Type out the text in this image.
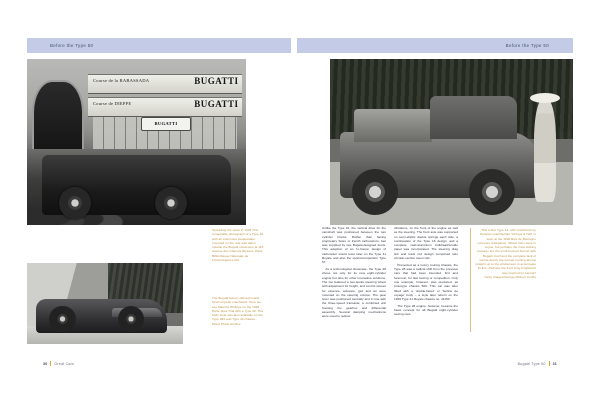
Before the Type 50	Before the Type 50
Course de la RABASSADA	BUGATTI
Course de DIEPPE	BUGATTI
BUGATTI
Spreading the news in 1925 This remarkable photograph of a Type 30 with an enormous loudspeaker mounted on the rear was taken outside the Bugatti showroom at 115 Avenue des Champs-Élysées, Paris.
Bibliothèque Nationale de France/Agence Rol
The Bugatti factory offered Grand Sport torpedo coachwork. Here we see Maurice Philippe on the 1925 Paris–Nice Trial with a Type 40. This body style was also available on the Type 38A and Type 43 chassis.
Motor Photo Archive
This 2-litre Type 44, with coachwork by Parisian coachbuilder Vizcaya & Half, is seen at the 1930 Bois de Boulogne concours d'élégance. Wheel trims were in vogue, but perhaps the most striking features are the multi-louvred bonnet with Bugatti motif and the complete lack of scuttle depth, the bonnet running almost straight up to the windscreen to accentuate its line. Perhaps the front wing brightwork was inspired by Lancia?
Getty Images/George Rinhart Corbis

Unlike the Type 16, the vertical drive for the camshaft was positioned between the two cylinder blocks. Rather than having proprietary Solex or Zenith carburettors, fuel was supplied by two Bugatti-designed items. This adoption of an 'in-house' design of carburettor would recur later on the Type 41 Royale and also the sports/competition Type 57.

As a technological showcase, the Type 28 shone not only for its new eight-cylinder engine but also for other innovative solutions. The car featured a two-spoke steering wheel with adjustment for height, and control screws for essence, advance, gaz and air were mounted on the steering column. The gear lever was positioned centrally and in line with the three-speed transaxle; a combined unit housing the gearbox and differential assembly. Several damping mechanisms were used to reduce

vibrations, on the front of the engine as well as the steering. The front axle was supported on semi-elliptic double springs each side, a continuation of the Type 16 design, and a complete cast-aluminium bulkhead/scuttle panel was incorporated. The steering drag link and track rod design comprised twin circular-section steel rods.

Presented as a luxury touring chassis, the Type 28 was a radical shift from the previous cars that had been intended, first and foremost, for fast touring or competition. Only one example, however, was produced, as prototype chassis 500. This car was later fitted with a 'double-faced' or 'berline de voyage' body – a style later reborn on the 1929 Type 41 Royale chassis no. 41150.

The Type 28 engine, however, became the basic concept for all Bugatti eight-cylinder touring cars.

30 Great Cars	Bugatti Type 50 31
